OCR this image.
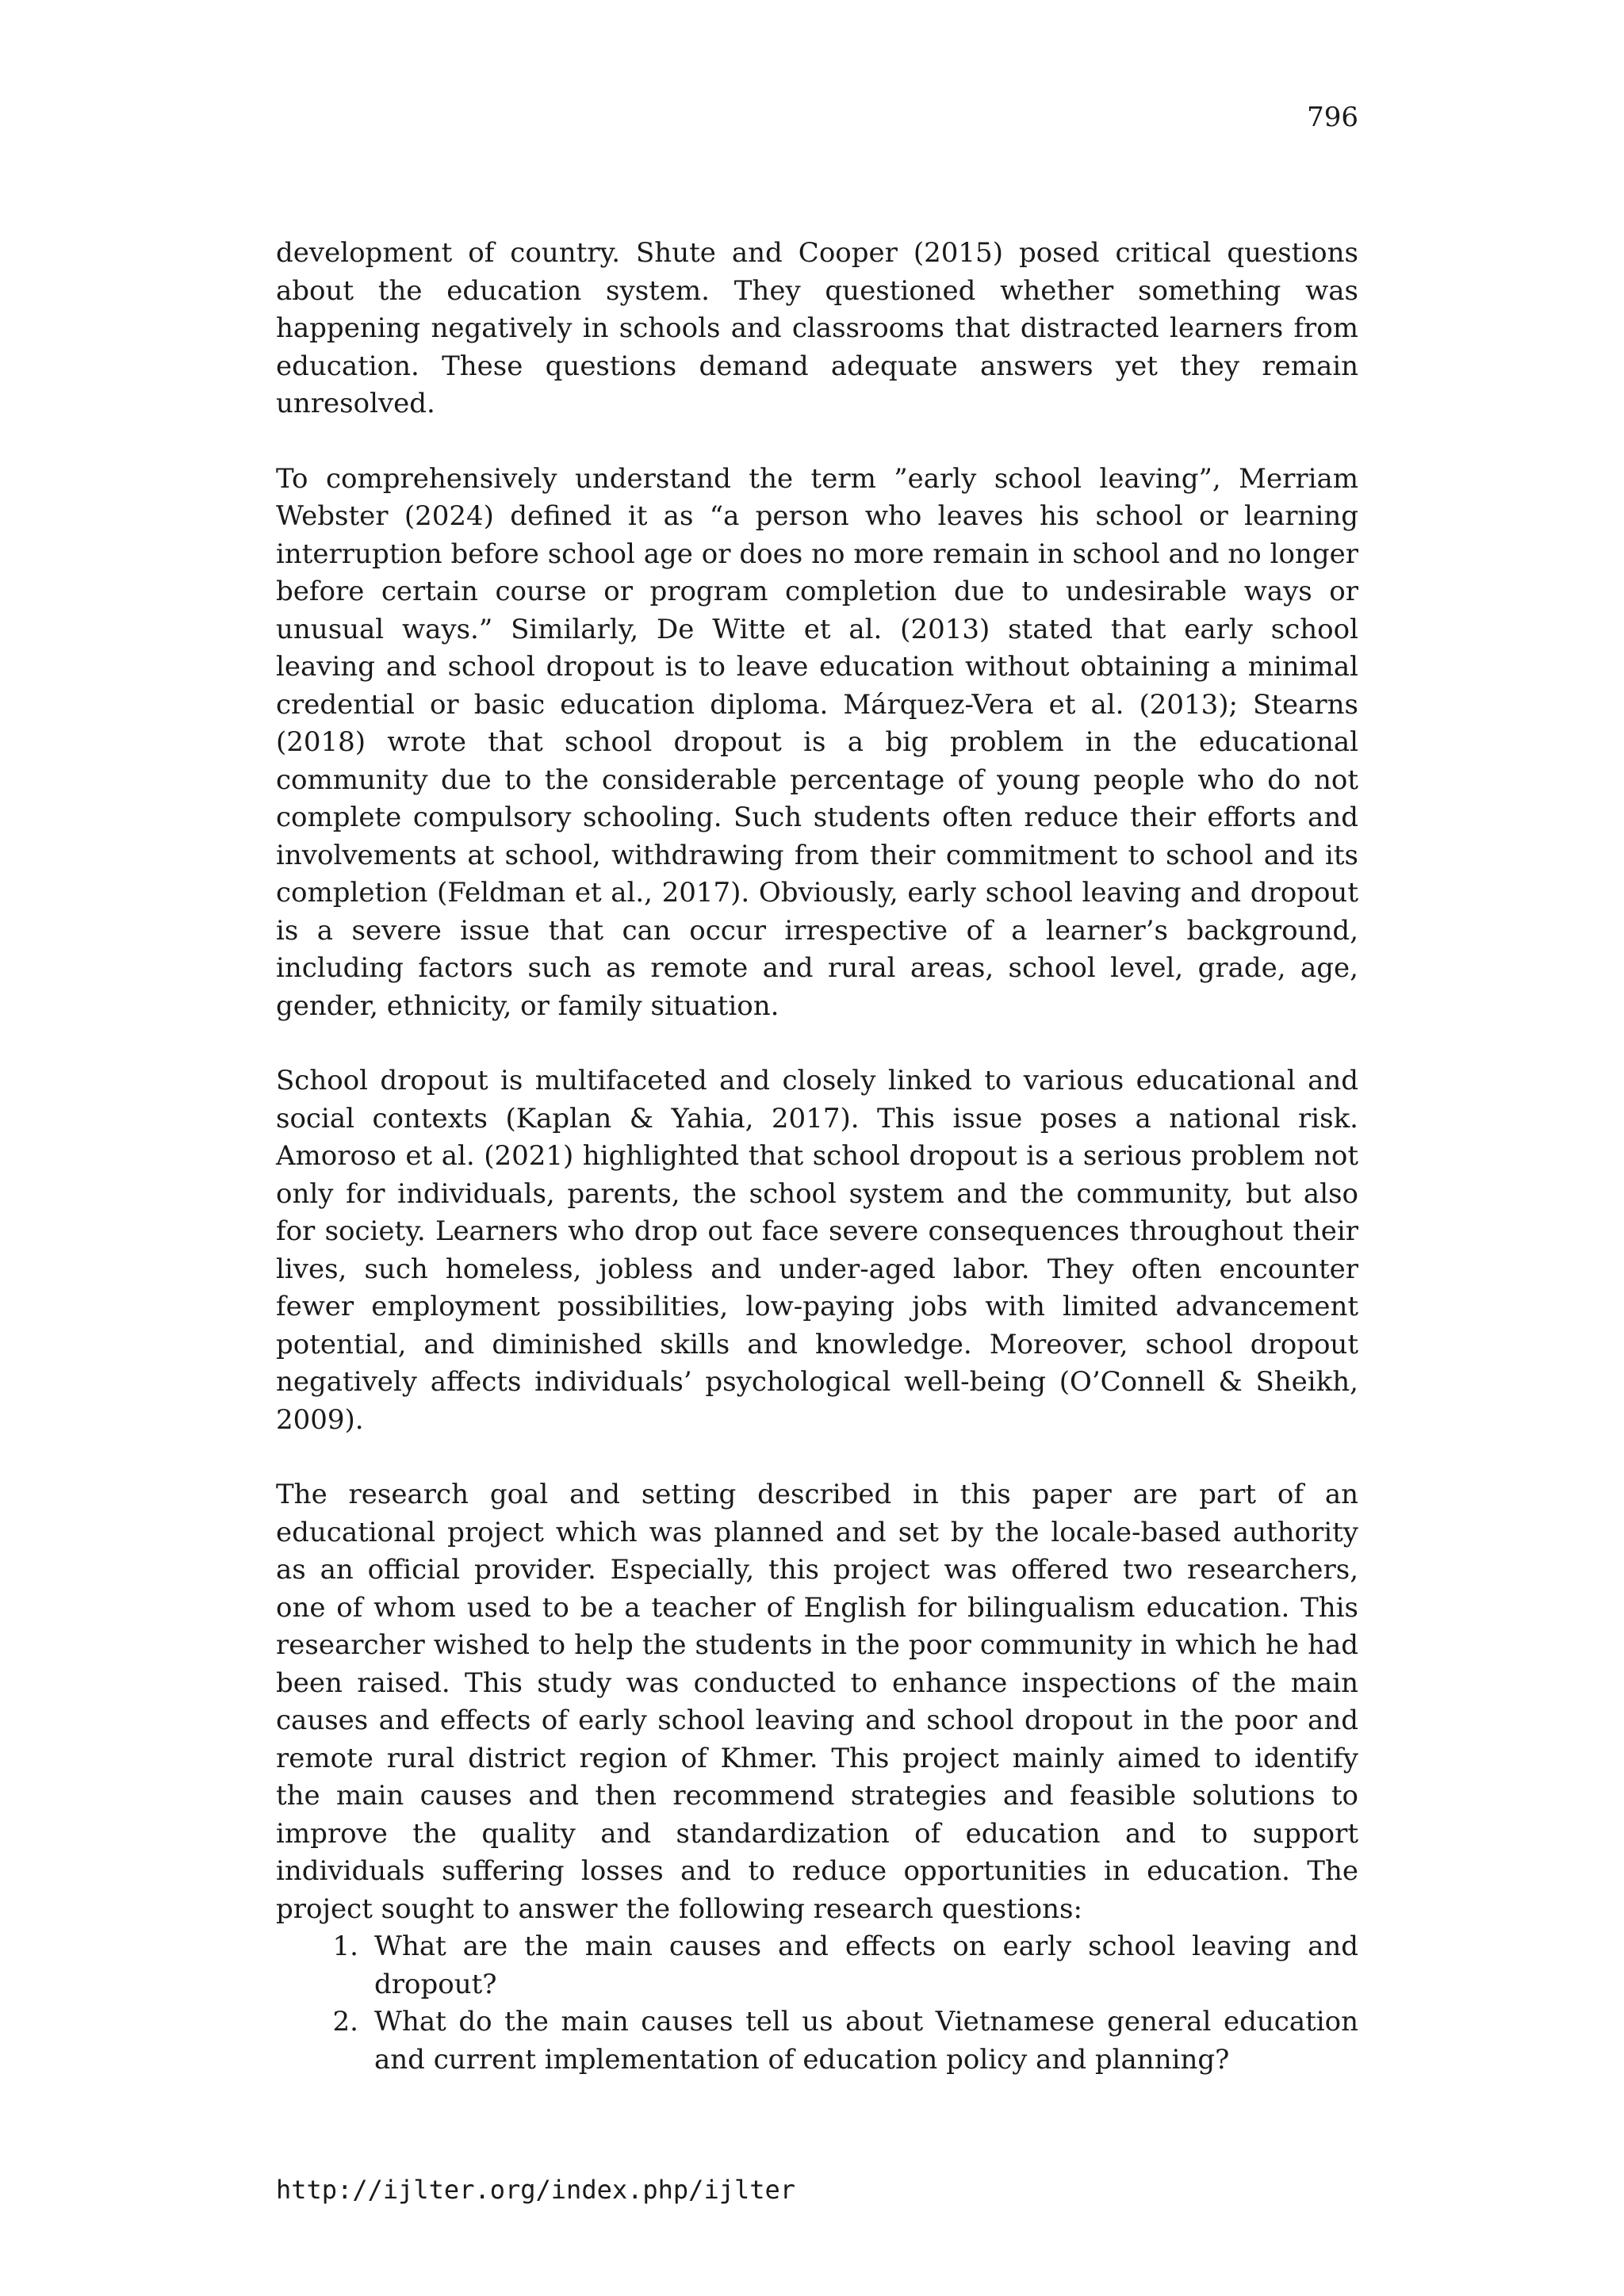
796

development of country. Shute and Cooper (2015) posed critical questions about the education system. They questioned whether something was happening negatively in schools and classrooms that distracted learners from education. These questions demand adequate answers yet they remain unresolved.

To comprehensively understand the term ”early school leaving”, Merriam Webster (2024) defined it as “a person who leaves his school or learning interruption before school age or does no more remain in school and no longer before certain course or program completion due to undesirable ways or unusual ways.” Similarly, De Witte et al. (2013) stated that early school leaving and school dropout is to leave education without obtaining a minimal credential or basic education diploma. Márquez-Vera et al. (2013); Stearns (2018) wrote that school dropout is a big problem in the educational community due to the considerable percentage of young people who do not complete compulsory schooling. Such students often reduce their efforts and involvements at school, withdrawing from their commitment to school and its completion (Feldman et al., 2017). Obviously, early school leaving and dropout is a severe issue that can occur irrespective of a learner’s background, including factors such as remote and rural areas, school level, grade, age, gender, ethnicity, or family situation.

School dropout is multifaceted and closely linked to various educational and social contexts (Kaplan & Yahia, 2017). This issue poses a national risk. Amoroso et al. (2021) highlighted that school dropout is a serious problem not only for individuals, parents, the school system and the community, but also for society. Learners who drop out face severe consequences throughout their lives, such homeless, jobless and under-aged labor. They often encounter fewer employment possibilities, low-paying jobs with limited advancement potential, and diminished skills and knowledge. Moreover, school dropout negatively affects individuals’ psychological well-being (O’Connell & Sheikh, 2009).

The research goal and setting described in this paper are part of an educational project which was planned and set by the locale-based authority as an official provider. Especially, this project was offered two researchers, one of whom used to be a teacher of English for bilingualism education. This researcher wished to help the students in the poor community in which he had been raised. This study was conducted to enhance inspections of the main causes and effects of early school leaving and school dropout in the poor and remote rural district region of Khmer. This project mainly aimed to identify the main causes and then recommend strategies and feasible solutions to improve the quality and standardization of education and to support individuals suffering losses and to reduce opportunities in education. The project sought to answer the following research questions:

1. What are the main causes and effects on early school leaving and dropout?
2. What do the main causes tell us about Vietnamese general education and current implementation of education policy and planning?
http://ijlter.org/index.php/ijlter
